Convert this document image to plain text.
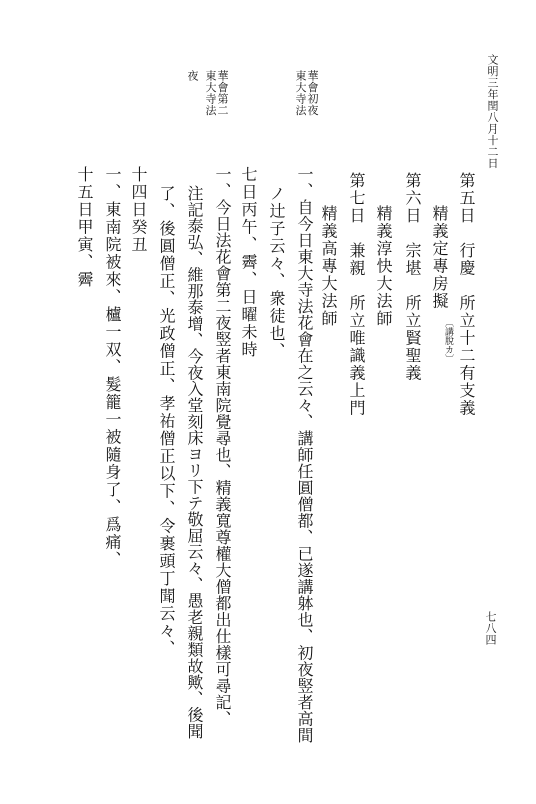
文明三年閏八月十二日
七八四
東大寺法 華會初夜
東大寺法 華會第二
夜
第五日　行慶　所立十二有支義
精義定專房擬
〔講脫カ〕
第六日　宗堪　所立賢聖義
精義淳快大法師
第七日　兼親　所立唯識義上門
精義高專大法師
一、自今日東大寺法花會在之云々、講師任圓僧都、已遂講躰也、初夜竪者高間
ノ辻子云々、衆徒也、
七日丙午、霽、日曜未時
一、今日法花會第二夜竪者東南院覺尋也、精義寬尊權大僧都出仕樣可尋記、
注記泰弘、維那泰增、今夜入堂刻床ヨリ下テ敬屈云々、愚老親類故歟、後聞
了、後圓僧正、光政僧正、孝祐僧正以下、令裹頭丁聞云々、
十四日癸丑
一、東南院被來、櫨一双、髮籠一被隨身了、爲痛、
十五日甲寅、霽
